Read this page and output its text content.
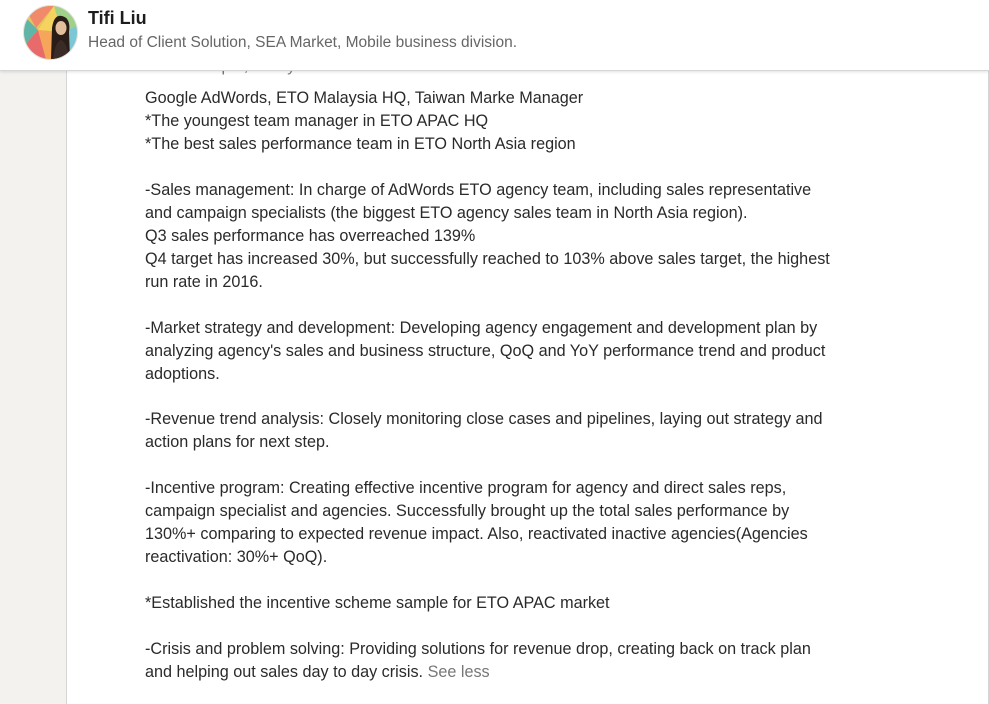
Google AdWords, ETO Malaysia HQ, Taiwan Marke Manager
*The youngest team manager in ETO APAC HQ
*The best sales performance team in ETO North Asia region
-Sales management: In charge of AdWords ETO agency team, including sales representative
and campaign specialists (the biggest ETO agency sales team in North Asia region).
Q3 sales performance has overreached 139%
Q4 target has increased 30%, but successfully reached to 103% above sales target, the highest
run rate in 2016.
-Market strategy and development: Developing agency engagement and development plan by
analyzing agency's sales and business structure, QoQ and YoY performance trend and product
adoptions.
-Revenue trend analysis: Closely monitoring close cases and pipelines, laying out strategy and
action plans for next step.
-Incentive program: Creating effective incentive program for agency and direct sales reps,
campaign specialist and agencies. Successfully brought up the total sales performance by
130%+ comparing to expected revenue impact. Also, reactivated inactive agencies(Agencies
reactivation: 30%+ QoQ).
*Established the incentive scheme sample for ETO APAC market
-Crisis and problem solving: Providing solutions for revenue drop, creating back on track plan
and helping out sales day to day crisis. See less
Tifi Liu
Head of Client Solution, SEA Market, Mobile business division.
